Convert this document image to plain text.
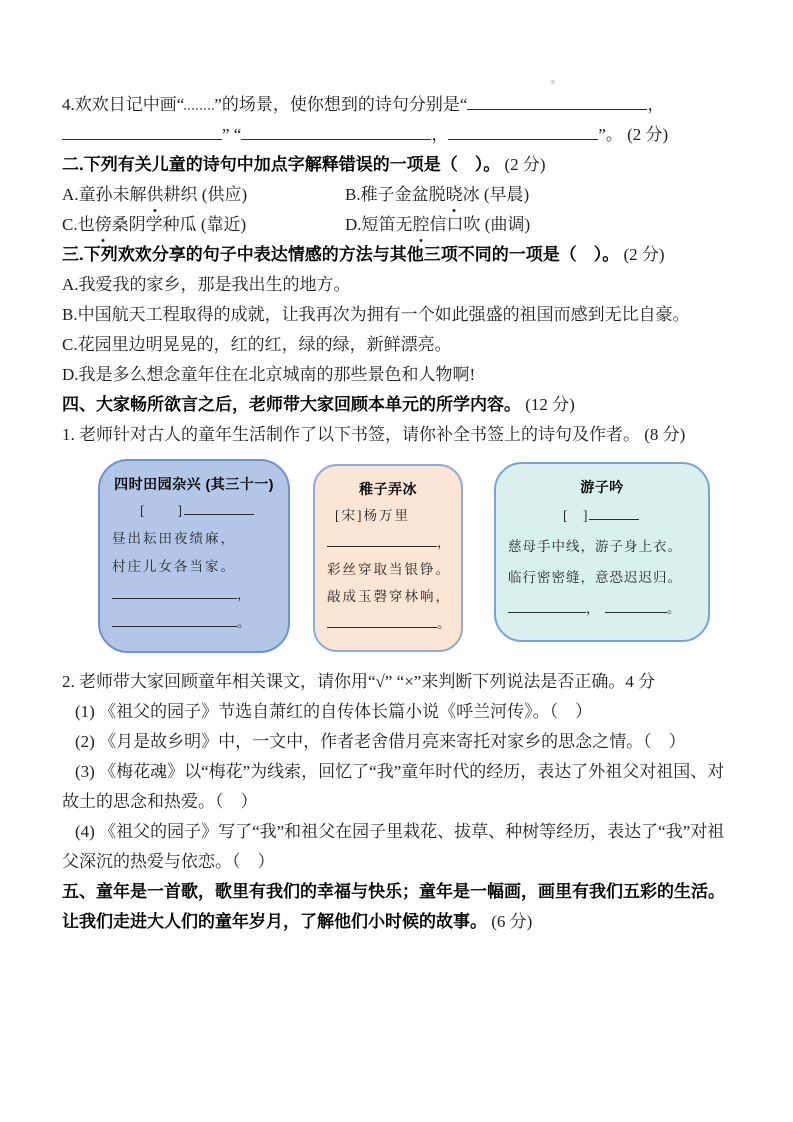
4.欢欢日记中画“ ”的场景，使你想到的诗句分别是“	，

” “	，	”。 (2 分)

二.下列有关儿童的诗句中加点字解释错误的一项是（　）。 (2 分)

A.童孙未解供耕织 (供应)	B.稚子金盆脱晓冰 (早晨)

C.也傍桑阴学种瓜 (靠近)	D.短笛无腔信口吹 (曲调)

三.下列欢欢分享的句子中表达情感的方法与其他三项不同的一项是（　）。 (2 分)

A.我爱我的家乡，那是我出生的地方。

B.中国航天工程取得的成就，让我再次为拥有一个如此强盛的祖国而感到无比自豪。

C.花园里边明晃晃的，红的红，绿的绿，新鲜漂亮。

D.我是多么想念童年住在北京城南的那些景色和人物啊!

四、大家畅所欲言之后，老师带大家回顾本单元的所学内容。 (12 分)

1. 老师针对古人的童年生活制作了以下书签，请你补全书签上的诗句及作者。 (8 分)

四时田园杂兴 (其三十一)
[　　]
昼出耘田夜绩麻，
村庄儿女各当家。
，
。
稚子弄冰
[宋]杨万里
，
彩丝穿取当银铮。
敲成玉磬穿林响，
。
游子吟
[　]
慈母手中线，游子身上衣。
临行密密缝，意恐迟迟归。
，	。

2. 老师带大家回顾童年相关课文，请你用“√” “×”来判断下列说法是否正确。4 分

(1) 《祖父的园子》节选自萧红的自传体长篇小说《呼兰河传》。（　）

(2) 《月是故乡明》中，一文中，作者老舍借月亮来寄托对家乡的思念之情。（　）

(3) 《梅花魂》以“梅花”为线索，回忆了“我”童年时代的经历，表达了外祖父对祖国、对故土的思念和热爱。（　）

(4) 《祖父的园子》写了“我”和祖父在园子里栽花、拔草、种树等经历，表达了“我”对祖父深沉的热爱与依恋。（　）

五、童年是一首歌，歌里有我们的幸福与快乐；童年是一幅画，画里有我们五彩的生活。让我们走进大人们的童年岁月，了解他们小时候的故事。 (6 分)
